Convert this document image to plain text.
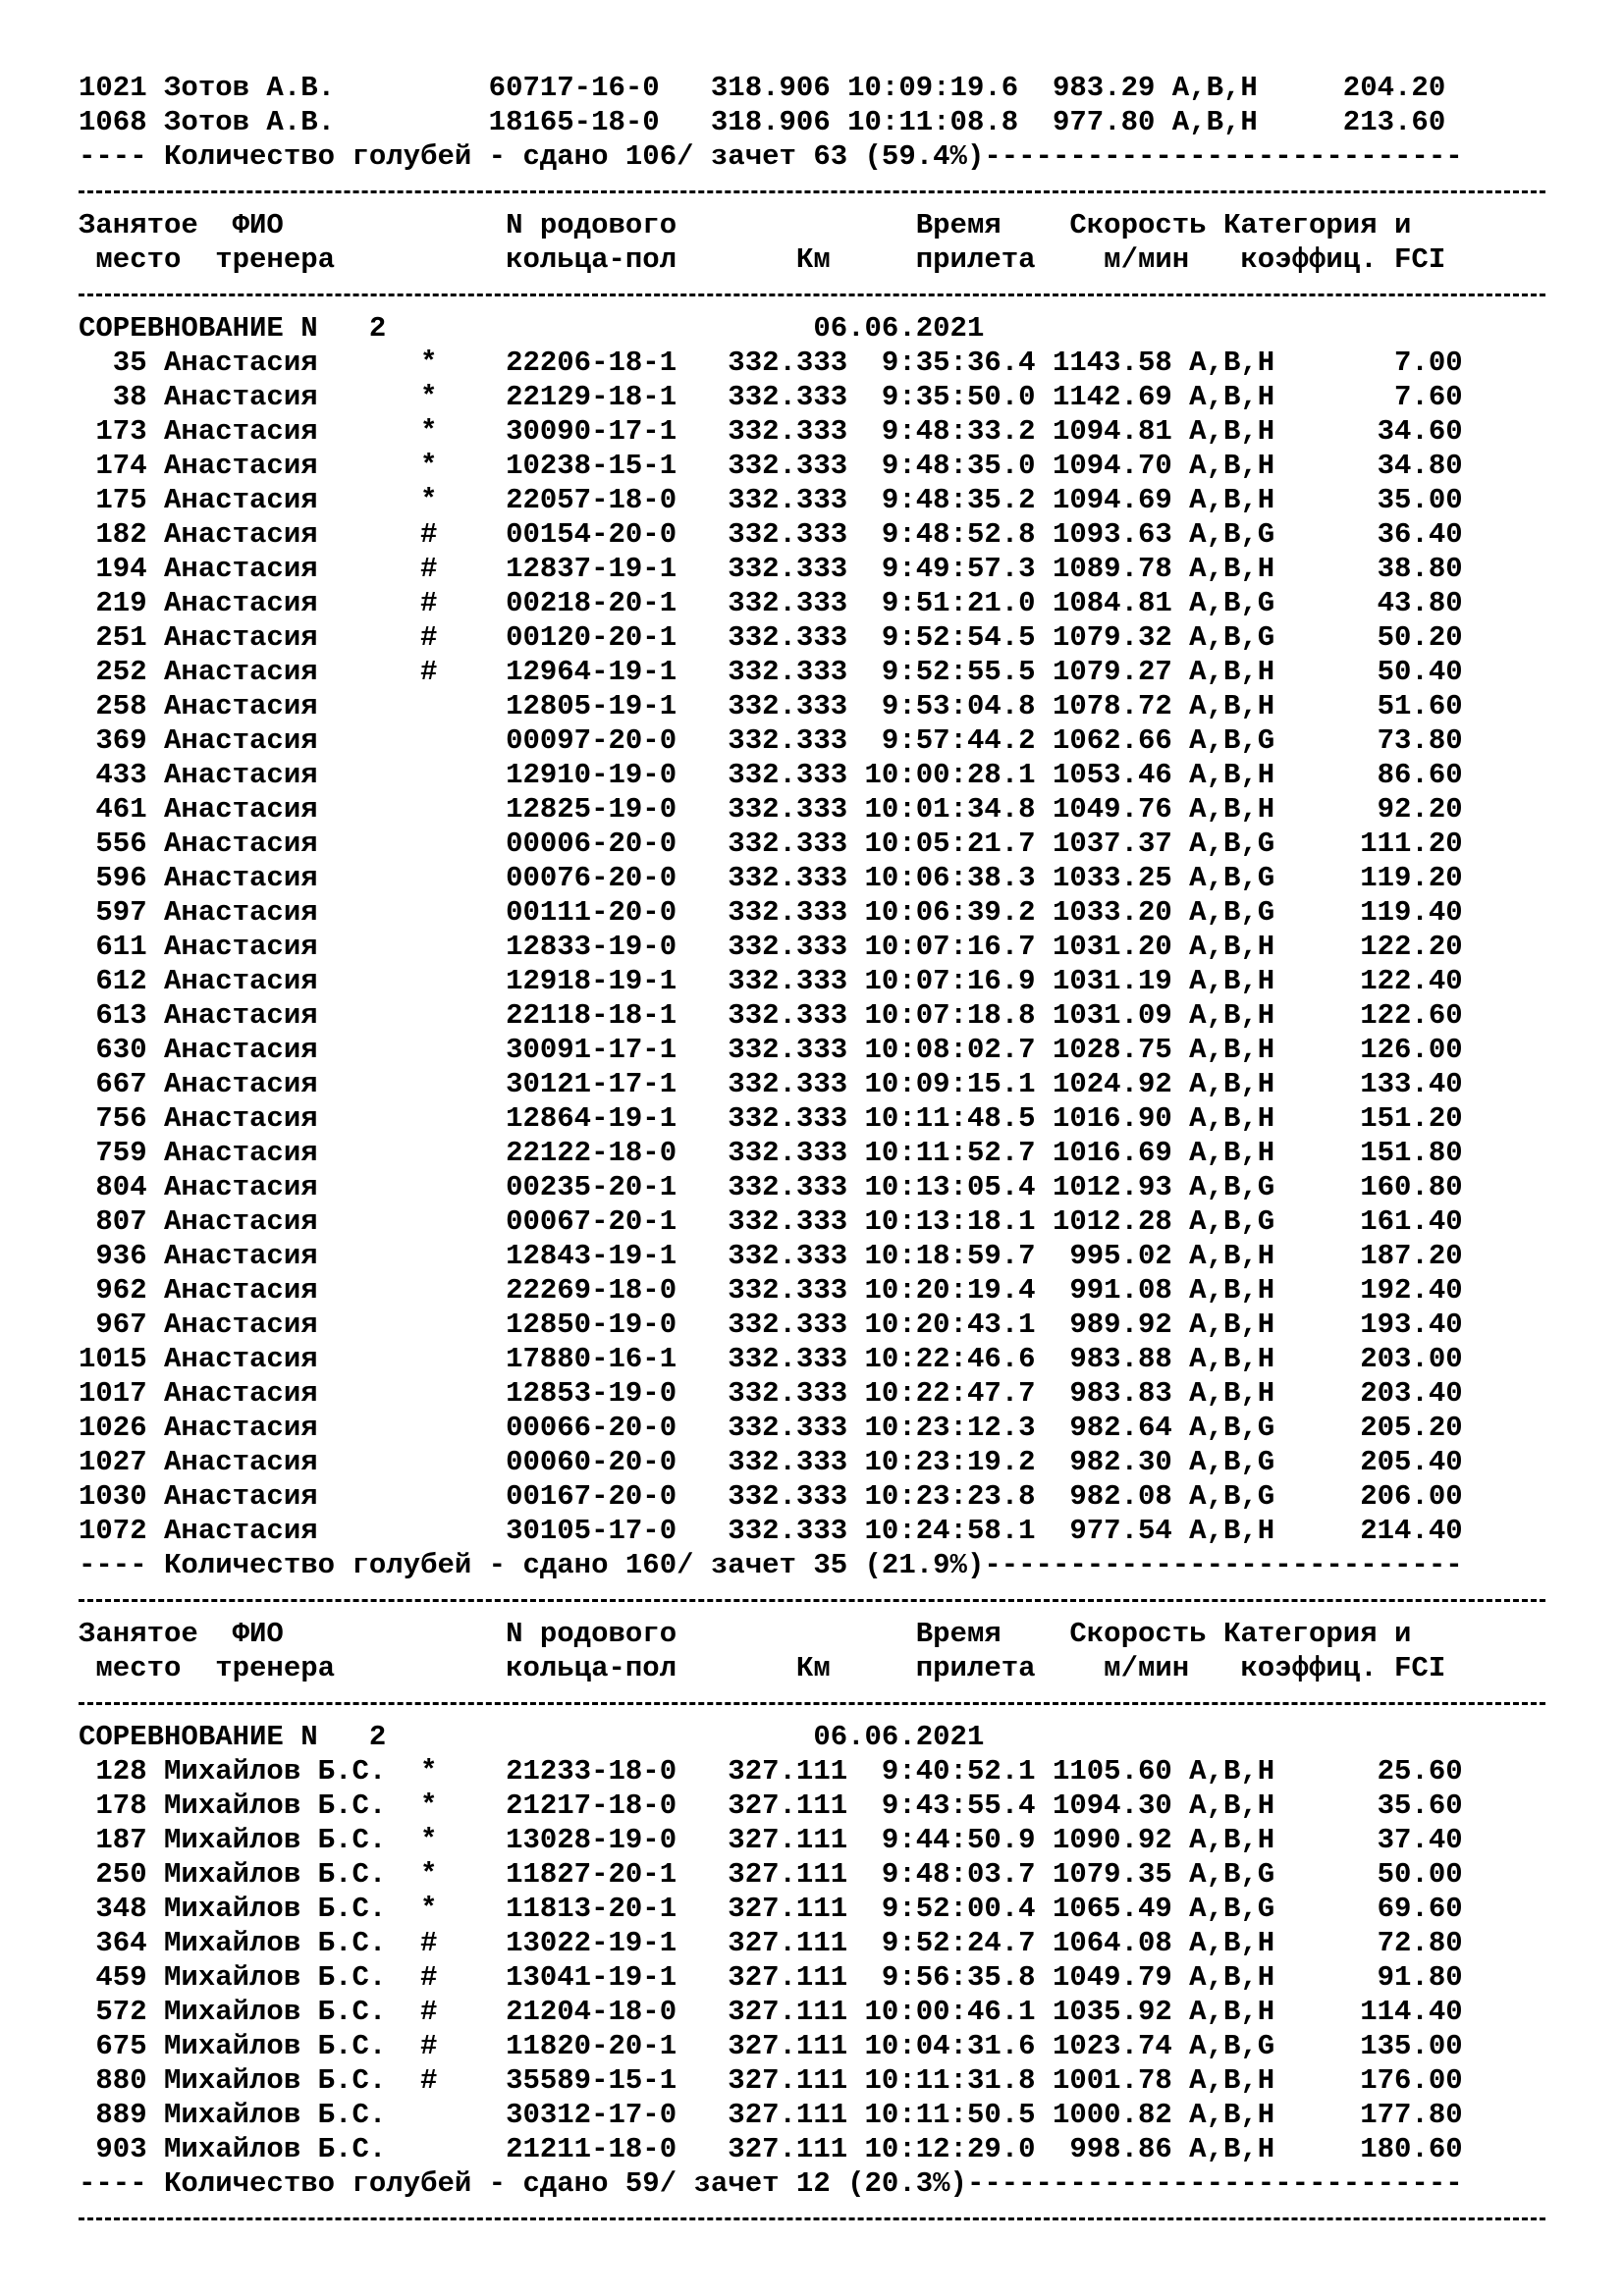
1021 Зотов А.В.         60717-16-0   318.906 10:09:19.6  983.29 A,B,H     204.20
1068 Зотов А.В.         18165-18-0   318.906 10:11:08.8  977.80 A,B,H     213.60
---- Количество голубей - сдано 106/ зачет 63 (59.4%)----------------------------
Занятое  ФИО             N родового              Время    Скорость Категория и
место  тренера          кольца-пол       Км     прилета    м/мин   коэффиц. FCI
СОРЕВНОВАНИЕ N   2                         06.06.2021
35 Анастасия      *    22206-18-1   332.333  9:35:36.4 1143.58 A,B,H       7.00
38 Анастасия      *    22129-18-1   332.333  9:35:50.0 1142.69 A,B,H       7.60
173 Анастасия      *    30090-17-1   332.333  9:48:33.2 1094.81 A,B,H      34.60
174 Анастасия      *    10238-15-1   332.333  9:48:35.0 1094.70 A,B,H      34.80
175 Анастасия      *    22057-18-0   332.333  9:48:35.2 1094.69 A,B,H      35.00
182 Анастасия      #    00154-20-0   332.333  9:48:52.8 1093.63 A,B,G      36.40
194 Анастасия      #    12837-19-1   332.333  9:49:57.3 1089.78 A,B,H      38.80
219 Анастасия      #    00218-20-1   332.333  9:51:21.0 1084.81 A,B,G      43.80
251 Анастасия      #    00120-20-1   332.333  9:52:54.5 1079.32 A,B,G      50.20
252 Анастасия      #    12964-19-1   332.333  9:52:55.5 1079.27 A,B,H      50.40
258 Анастасия           12805-19-1   332.333  9:53:04.8 1078.72 A,B,H      51.60
369 Анастасия           00097-20-0   332.333  9:57:44.2 1062.66 A,B,G      73.80
433 Анастасия           12910-19-0   332.333 10:00:28.1 1053.46 A,B,H      86.60
461 Анастасия           12825-19-0   332.333 10:01:34.8 1049.76 A,B,H      92.20
556 Анастасия           00006-20-0   332.333 10:05:21.7 1037.37 A,B,G     111.20
596 Анастасия           00076-20-0   332.333 10:06:38.3 1033.25 A,B,G     119.20
597 Анастасия           00111-20-0   332.333 10:06:39.2 1033.20 A,B,G     119.40
611 Анастасия           12833-19-0   332.333 10:07:16.7 1031.20 A,B,H     122.20
612 Анастасия           12918-19-1   332.333 10:07:16.9 1031.19 A,B,H     122.40
613 Анастасия           22118-18-1   332.333 10:07:18.8 1031.09 A,B,H     122.60
630 Анастасия           30091-17-1   332.333 10:08:02.7 1028.75 A,B,H     126.00
667 Анастасия           30121-17-1   332.333 10:09:15.1 1024.92 A,B,H     133.40
756 Анастасия           12864-19-1   332.333 10:11:48.5 1016.90 A,B,H     151.20
759 Анастасия           22122-18-0   332.333 10:11:52.7 1016.69 A,B,H     151.80
804 Анастасия           00235-20-1   332.333 10:13:05.4 1012.93 A,B,G     160.80
807 Анастасия           00067-20-1   332.333 10:13:18.1 1012.28 A,B,G     161.40
936 Анастасия           12843-19-1   332.333 10:18:59.7  995.02 A,B,H     187.20
962 Анастасия           22269-18-0   332.333 10:20:19.4  991.08 A,B,H     192.40
967 Анастасия           12850-19-0   332.333 10:20:43.1  989.92 A,B,H     193.40
1015 Анастасия           17880-16-1   332.333 10:22:46.6  983.88 A,B,H     203.00
1017 Анастасия           12853-19-0   332.333 10:22:47.7  983.83 A,B,H     203.40
1026 Анастасия           00066-20-0   332.333 10:23:12.3  982.64 A,B,G     205.20
1027 Анастасия           00060-20-0   332.333 10:23:19.2  982.30 A,B,G     205.40
1030 Анастасия           00167-20-0   332.333 10:23:23.8  982.08 A,B,G     206.00
1072 Анастасия           30105-17-0   332.333 10:24:58.1  977.54 A,B,H     214.40
---- Количество голубей - сдано 160/ зачет 35 (21.9%)----------------------------
Занятое  ФИО             N родового              Время    Скорость Категория и
место  тренера          кольца-пол       Км     прилета    м/мин   коэффиц. FCI
СОРЕВНОВАНИЕ N   2                         06.06.2021
128 Михайлов Б.С.  *    21233-18-0   327.111  9:40:52.1 1105.60 A,B,H      25.60
178 Михайлов Б.С.  *    21217-18-0   327.111  9:43:55.4 1094.30 A,B,H      35.60
187 Михайлов Б.С.  *    13028-19-0   327.111  9:44:50.9 1090.92 A,B,H      37.40
250 Михайлов Б.С.  *    11827-20-1   327.111  9:48:03.7 1079.35 A,B,G      50.00
348 Михайлов Б.С.  *    11813-20-1   327.111  9:52:00.4 1065.49 A,B,G      69.60
364 Михайлов Б.С.  #    13022-19-1   327.111  9:52:24.7 1064.08 A,B,H      72.80
459 Михайлов Б.С.  #    13041-19-1   327.111  9:56:35.8 1049.79 A,B,H      91.80
572 Михайлов Б.С.  #    21204-18-0   327.111 10:00:46.1 1035.92 A,B,H     114.40
675 Михайлов Б.С.  #    11820-20-1   327.111 10:04:31.6 1023.74 A,B,G     135.00
880 Михайлов Б.С.  #    35589-15-1   327.111 10:11:31.8 1001.78 A,B,H     176.00
889 Михайлов Б.С.       30312-17-0   327.111 10:11:50.5 1000.82 A,B,H     177.80
903 Михайлов Б.С.       21211-18-0   327.111 10:12:29.0  998.86 A,B,H     180.60
---- Количество голубей - сдано 59/ зачет 12 (20.3%)-----------------------------
